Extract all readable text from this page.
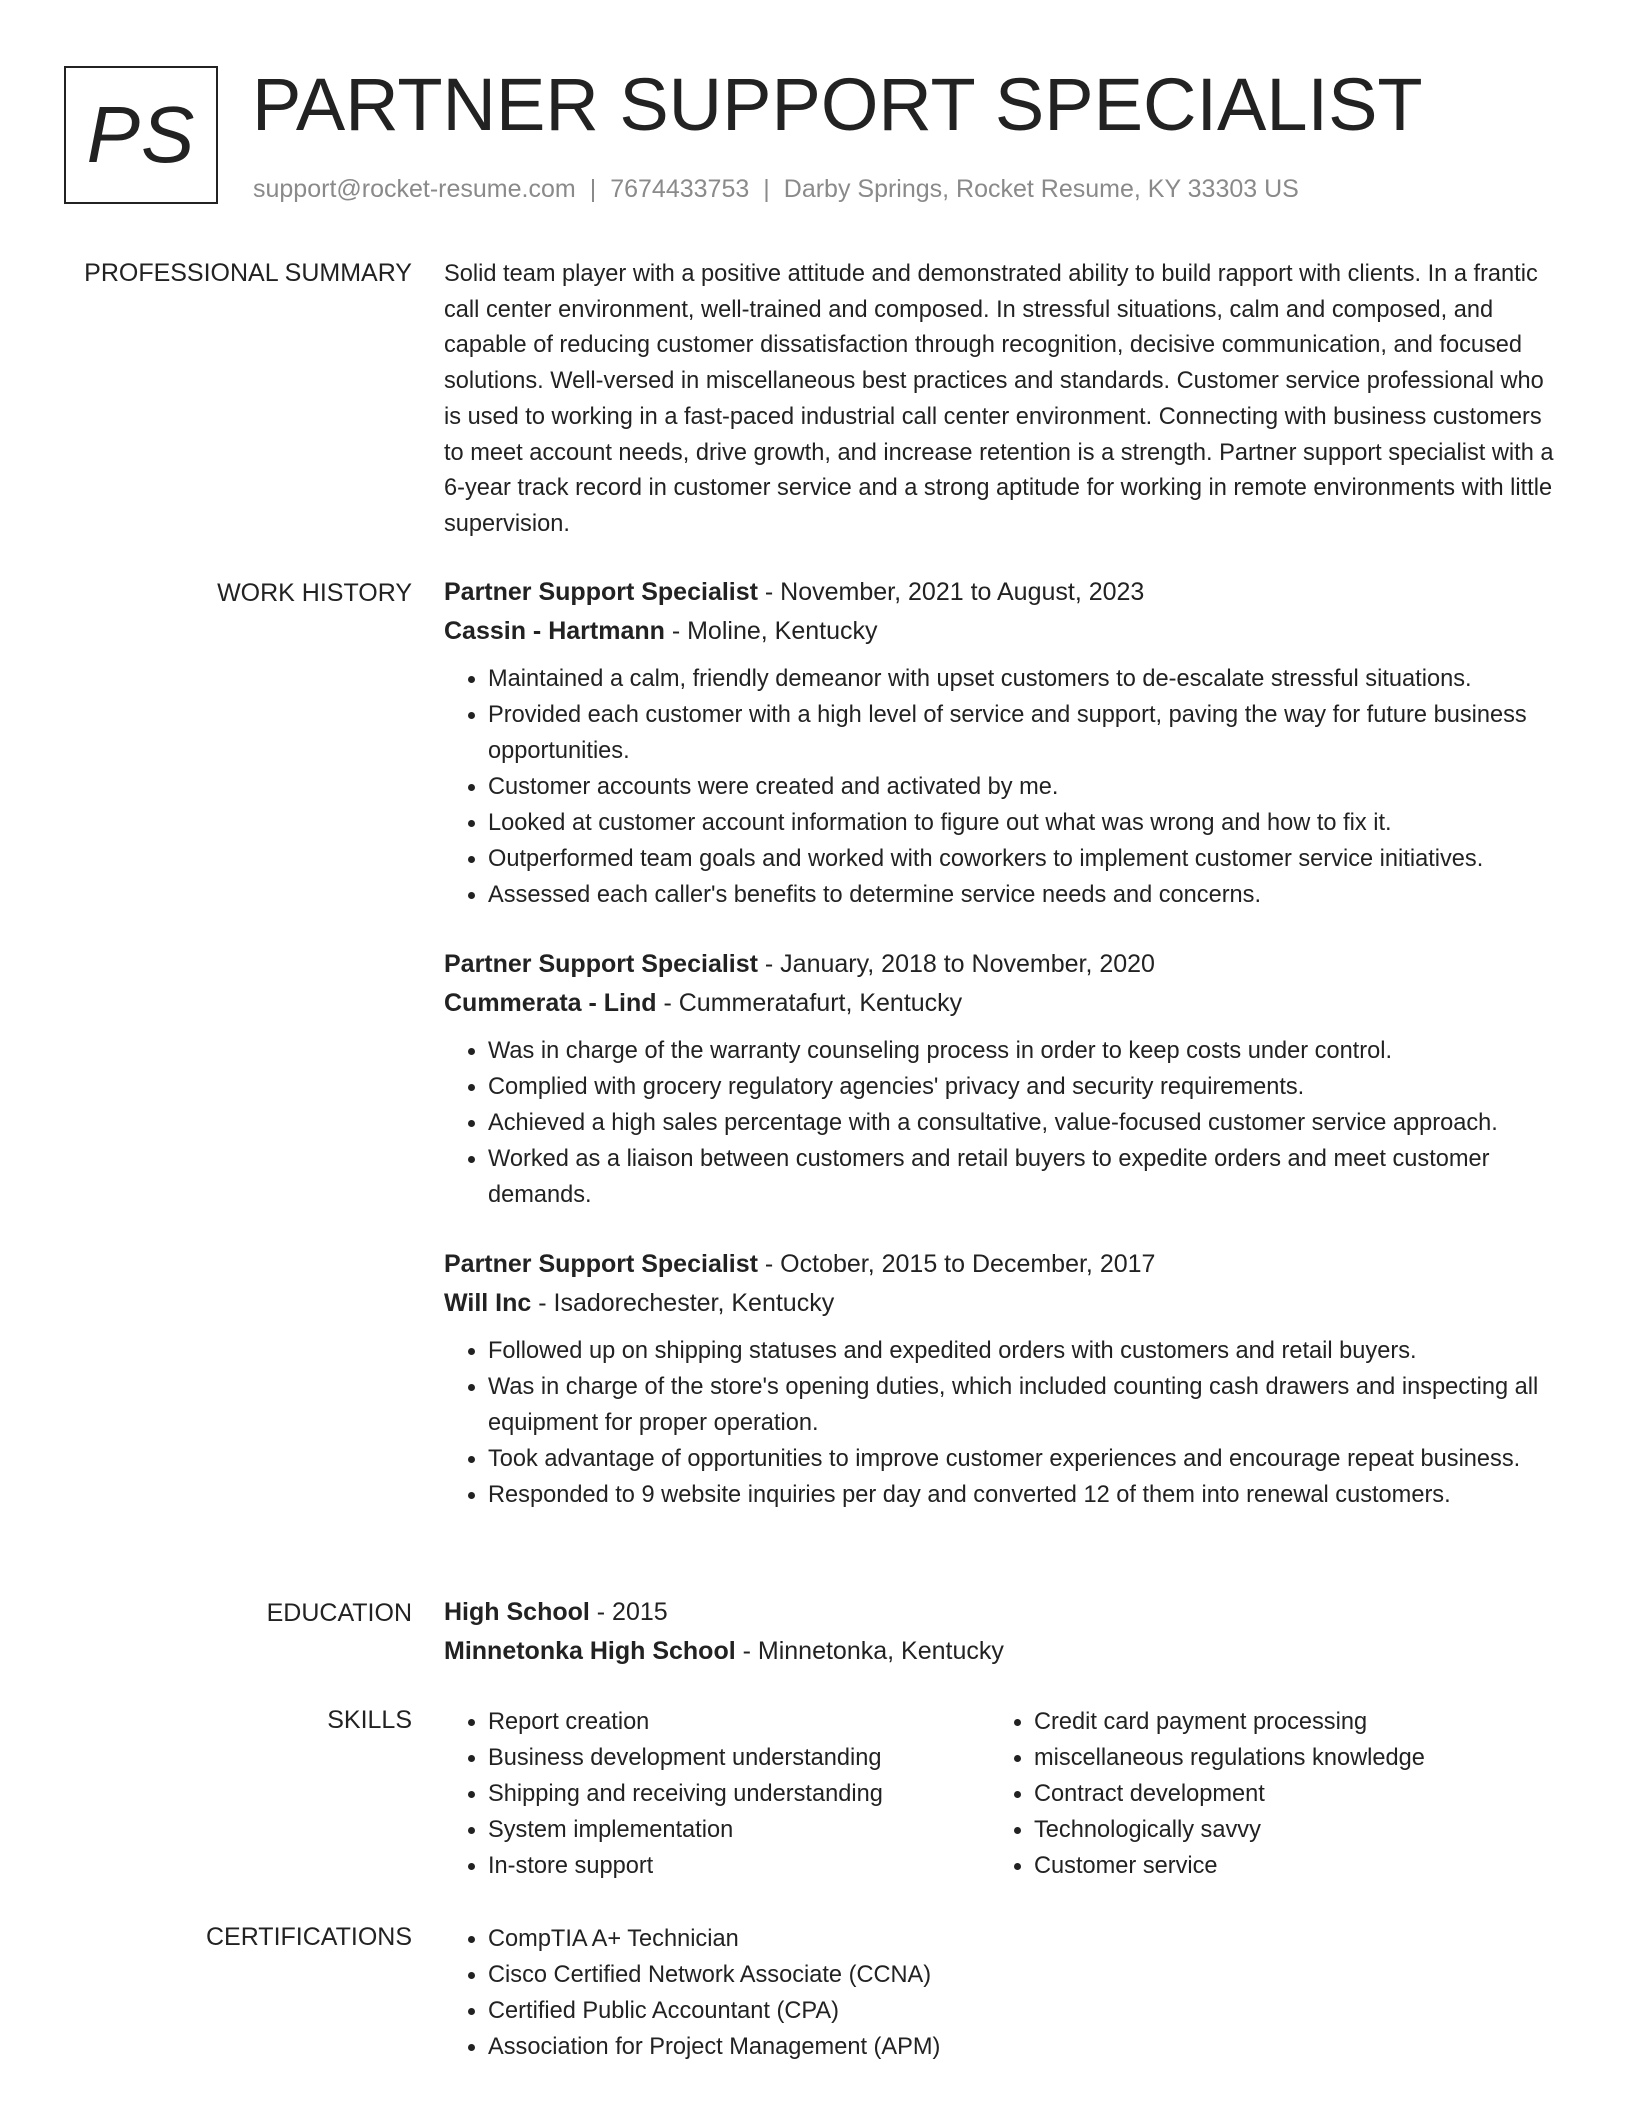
PS PARTNER SUPPORT SPECIALIST
support@rocket-resume.com | 7674433753 | Darby Springs, Rocket Resume, KY 33303 US
PROFESSIONAL SUMMARY Solid team player with a positive attitude and demonstrated ability to build rapport with clients. In a frantic call center environment, well-trained and composed. In stressful situations, calm and composed, and capable of reducing customer dissatisfaction through recognition, decisive communication, and focused solutions. Well-versed in miscellaneous best practices and standards. Customer service professional who is used to working in a fast-paced industrial call center environment. Connecting with business customers to meet account needs, drive growth, and increase retention is a strength. Partner support specialist with a 6-year track record in customer service and a strong aptitude for working in remote environments with little supervision.

WORK HISTORY Partner Support Specialist - November, 2021 to August, 2023

Cassin - Hartmann - Moline, Kentucky

• Maintained a calm, friendly demeanor with upset customers to de-escalate stressful situations.
• Provided each customer with a high level of service and support, paving the way for future business opportunities.
• Customer accounts were created and activated by me.
• Looked at customer account information to figure out what was wrong and how to fix it.
• Outperformed team goals and worked with coworkers to implement customer service initiatives.
• Assessed each caller's benefits to determine service needs and concerns.

Partner Support Specialist - January, 2018 to November, 2020

Cummerata - Lind - Cummeratafurt, Kentucky

• Was in charge of the warranty counseling process in order to keep costs under control.
• Complied with grocery regulatory agencies' privacy and security requirements.
• Achieved a high sales percentage with a consultative, value-focused customer service approach.
• Worked as a liaison between customers and retail buyers to expedite orders and meet customer demands.

Partner Support Specialist - October, 2015 to December, 2017

Will Inc - Isadorechester, Kentucky

• Followed up on shipping statuses and expedited orders with customers and retail buyers.
• Was in charge of the store's opening duties, which included counting cash drawers and inspecting all equipment for proper operation.
• Took advantage of opportunities to improve customer experiences and encourage repeat business.
• Responded to 9 website inquiries per day and converted 12 of them into renewal customers.
EDUCATION High School - 2015

Minnetonka High School - Minnetonka, Kentucky

SKILLS	• Report creation
• Business development understanding
• Shipping and receiving understanding
• System implementation
• In-store support
• Credit card payment processing
• miscellaneous regulations knowledge
• Contract development
• Technologically savvy
• Customer service
CERTIFICATIONS	• CompTIA A+ Technician
• Cisco Certified Network Associate (CCNA)
• Certified Public Accountant (CPA)
• Association for Project Management (APM)
